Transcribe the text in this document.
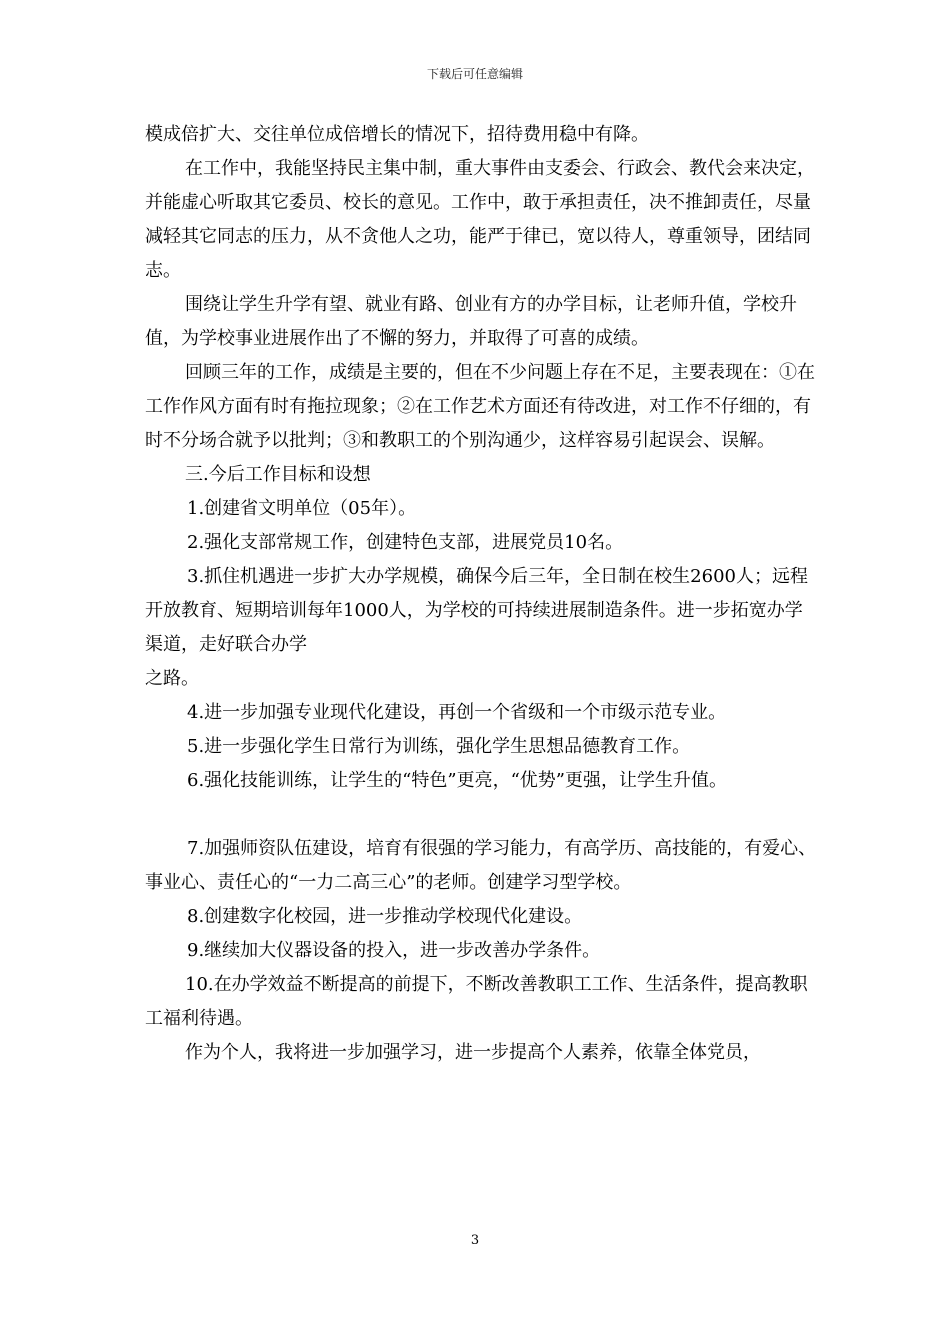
下载后可任意编辑

模成倍扩大、交往单位成倍增长的情况下，招待费用稳中有降。

在工作中，我能坚持民主集中制，重大事件由支委会、行政会、教代会来决定，并能虚心听取其它委员、校长的意见。工作中，敢于承担责任，决不推卸责任，尽量减轻其它同志的压力，从不贪他人之功，能严于律已，宽以待人，尊重领导，团结同志。

围绕让学生升学有望、就业有路、创业有方的办学目标，让老师升值，学校升值，为学校事业进展作出了不懈的努力，并取得了可喜的成绩。

回顾三年的工作，成绩是主要的，但在不少问题上存在不足，主要表现在：①在工作作风方面有时有拖拉现象；②在工作艺术方面还有待改进，对工作不仔细的，有时不分场合就予以批判；③和教职工的个别沟通少，这样容易引起误会、误解。

三.今后工作目标和设想

1.创建省文明单位（05年）。

2.强化支部常规工作，创建特色支部，进展党员10名。

3.抓住机遇进一步扩大办学规模，确保今后三年，全日制在校生2600人；远程开放教育、短期培训每年1000人，为学校的可持续进展制造条件。进一步拓宽办学渠道，走好联合办学

之路。

4.进一步加强专业现代化建设，再创一个省级和一个市级示范专业。

5.进一步强化学生日常行为训练，强化学生思想品德教育工作。

6.强化技能训练，让学生的“特色”更亮，“优势”更强，让学生升值。

7.加强师资队伍建设，培育有很强的学习能力，有高学历、高技能的，有爱心、事业心、责任心的“一力二高三心”的老师。创建学习型学校。

8.创建数字化校园，进一步推动学校现代化建设。

9.继续加大仪器设备的投入，进一步改善办学条件。

10.在办学效益不断提高的前提下，不断改善教职工工作、生活条件，提高教职工福利待遇。

作为个人，我将进一步加强学习，进一步提高个人素养，依靠全体党员，

3
